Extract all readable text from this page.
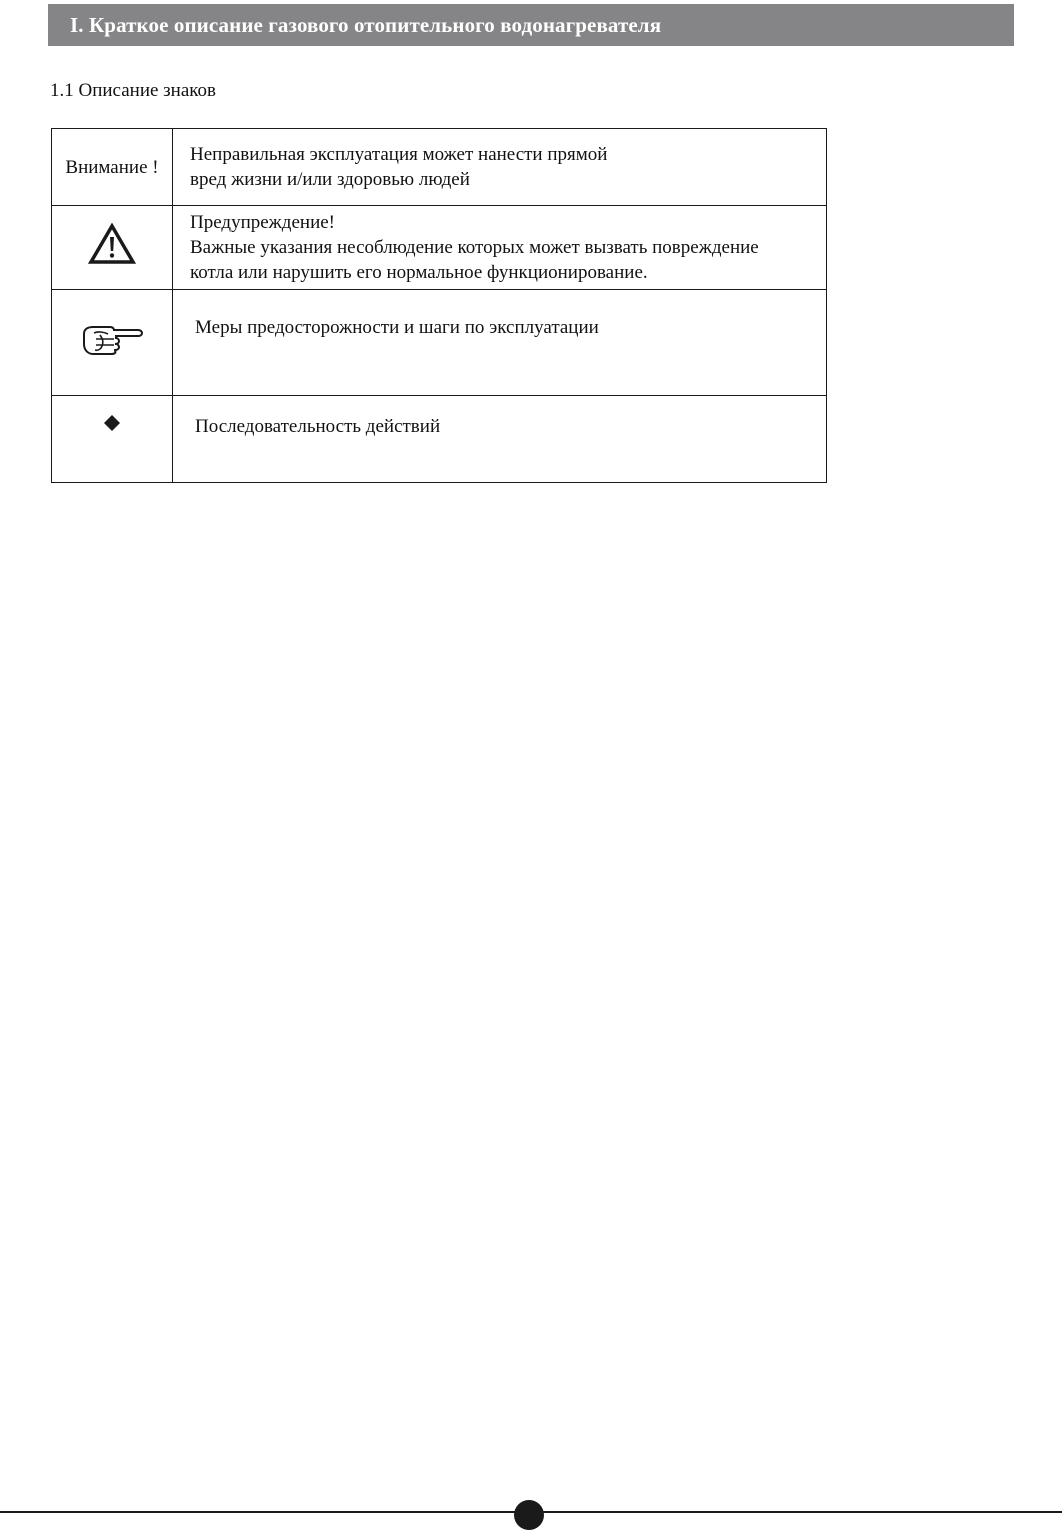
I. Краткое описание газового отопительного водонагревателя
1.1 Описание знаков
Внимание !	Неправильная эксплуатация может нанести прямой
вред жизни и/или здоровью людей

Предупреждение!
Важные указания несоблюдение которых может вызвать повреждение
котла или нарушить его нормальное функционирование.

Меры предосторожности и шаги по эксплуатации

Последовательность действий
